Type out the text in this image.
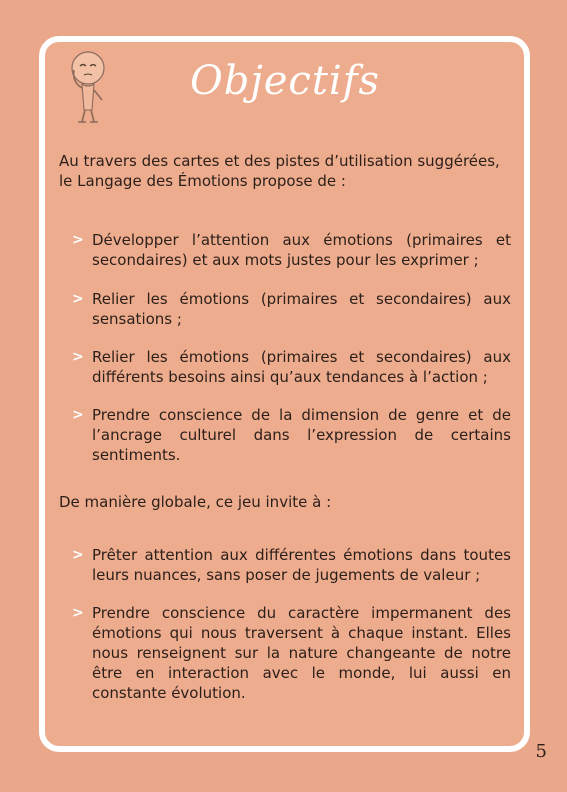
Objectifs
Au travers des cartes et des pistes d’utilisation suggérées, le Langage des Émotions propose de :
> Développer l’attention aux émotions (primaires et secondaires) et aux mots justes pour les exprimer ;
> Relier les émotions (primaires et secondaires) aux sensations ;
> Relier les émotions (primaires et secondaires) aux différents besoins ainsi qu’aux tendances à l’action ;
> Prendre conscience de la dimension de genre et de l’ancrage culturel dans l’expression de certains sentiments.
De manière globale, ce jeu invite à :
> Prêter attention aux différentes émotions dans toutes leurs nuances, sans poser de jugements de valeur ;
> Prendre conscience du caractère impermanent des émotions qui nous traversent à chaque instant. Elles nous renseignent sur la nature changeante de notre être en interaction avec le monde, lui aussi en constante évolution.
5
